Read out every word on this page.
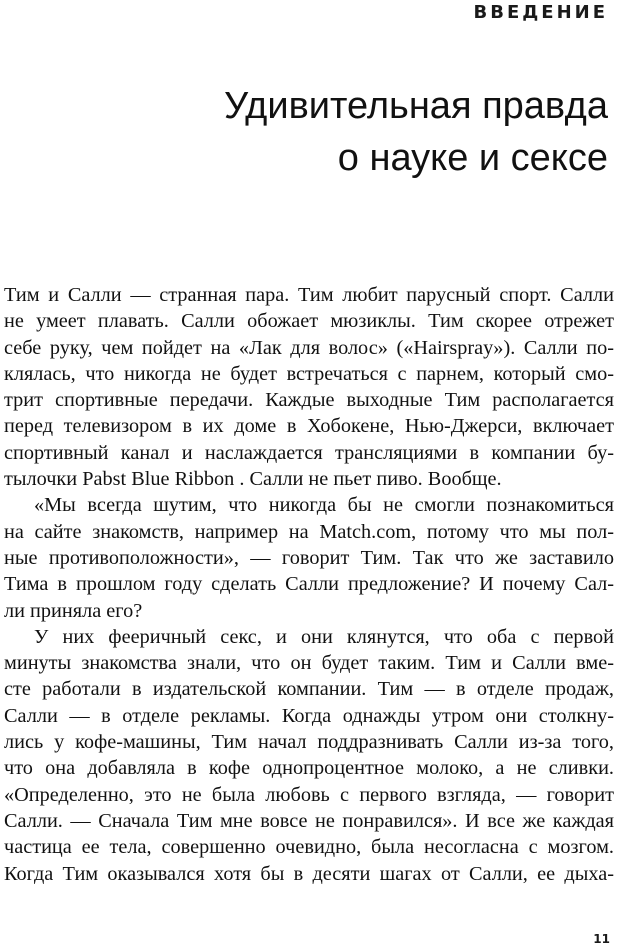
ВВЕДЕНИЕ
Удивительная правда
о науке и сексе
Тим и Салли — странная пара. Тим любит парусный спорт. Салли
не умеет плавать. Салли обожает мюзиклы. Тим скорее отрежет
себе руку, чем пойдет на «Лак для волос» («Hairspray»). Салли по-
клялась, что никогда не будет встречаться с парнем, который смо-
трит спортивные передачи. Каждые выходные Тим располагается
перед телевизором в их доме в Хобокене, Нью-Джерси, включает
спортивный канал и наслаждается трансляциями в компании бу-
тылочки Pabst Blue Ribbon . Салли не пьет пиво. Вообще.
«Мы всегда шутим, что никогда бы не смогли познакомиться
на сайте знакомств, например на Match.com, потому что мы пол-
ные противоположности», — говорит Тим. Так что же заставило
Тима в прошлом году сделать Салли предложение? И почему Сал-
ли приняла его?
У них фееричный секс, и они клянутся, что оба с первой
минуты знакомства знали, что он будет таким. Тим и Салли вме-
сте работали в издательской компании. Тим — в отделе продаж,
Салли — в отделе рекламы. Когда однажды утром они столкну-
лись у кофе-машины, Тим начал поддразнивать Салли из-за того,
что она добавляла в кофе однопроцентное молоко, а не сливки.
«Определенно, это не была любовь с первого взгляда, — говорит
Салли. — Сначала Тим мне вовсе не понравился». И все же каждая
частица ее тела, совершенно очевидно, была несогласна с мозгом.
Когда Тим оказывался хотя бы в десяти шагах от Салли, ее дыха-
11
